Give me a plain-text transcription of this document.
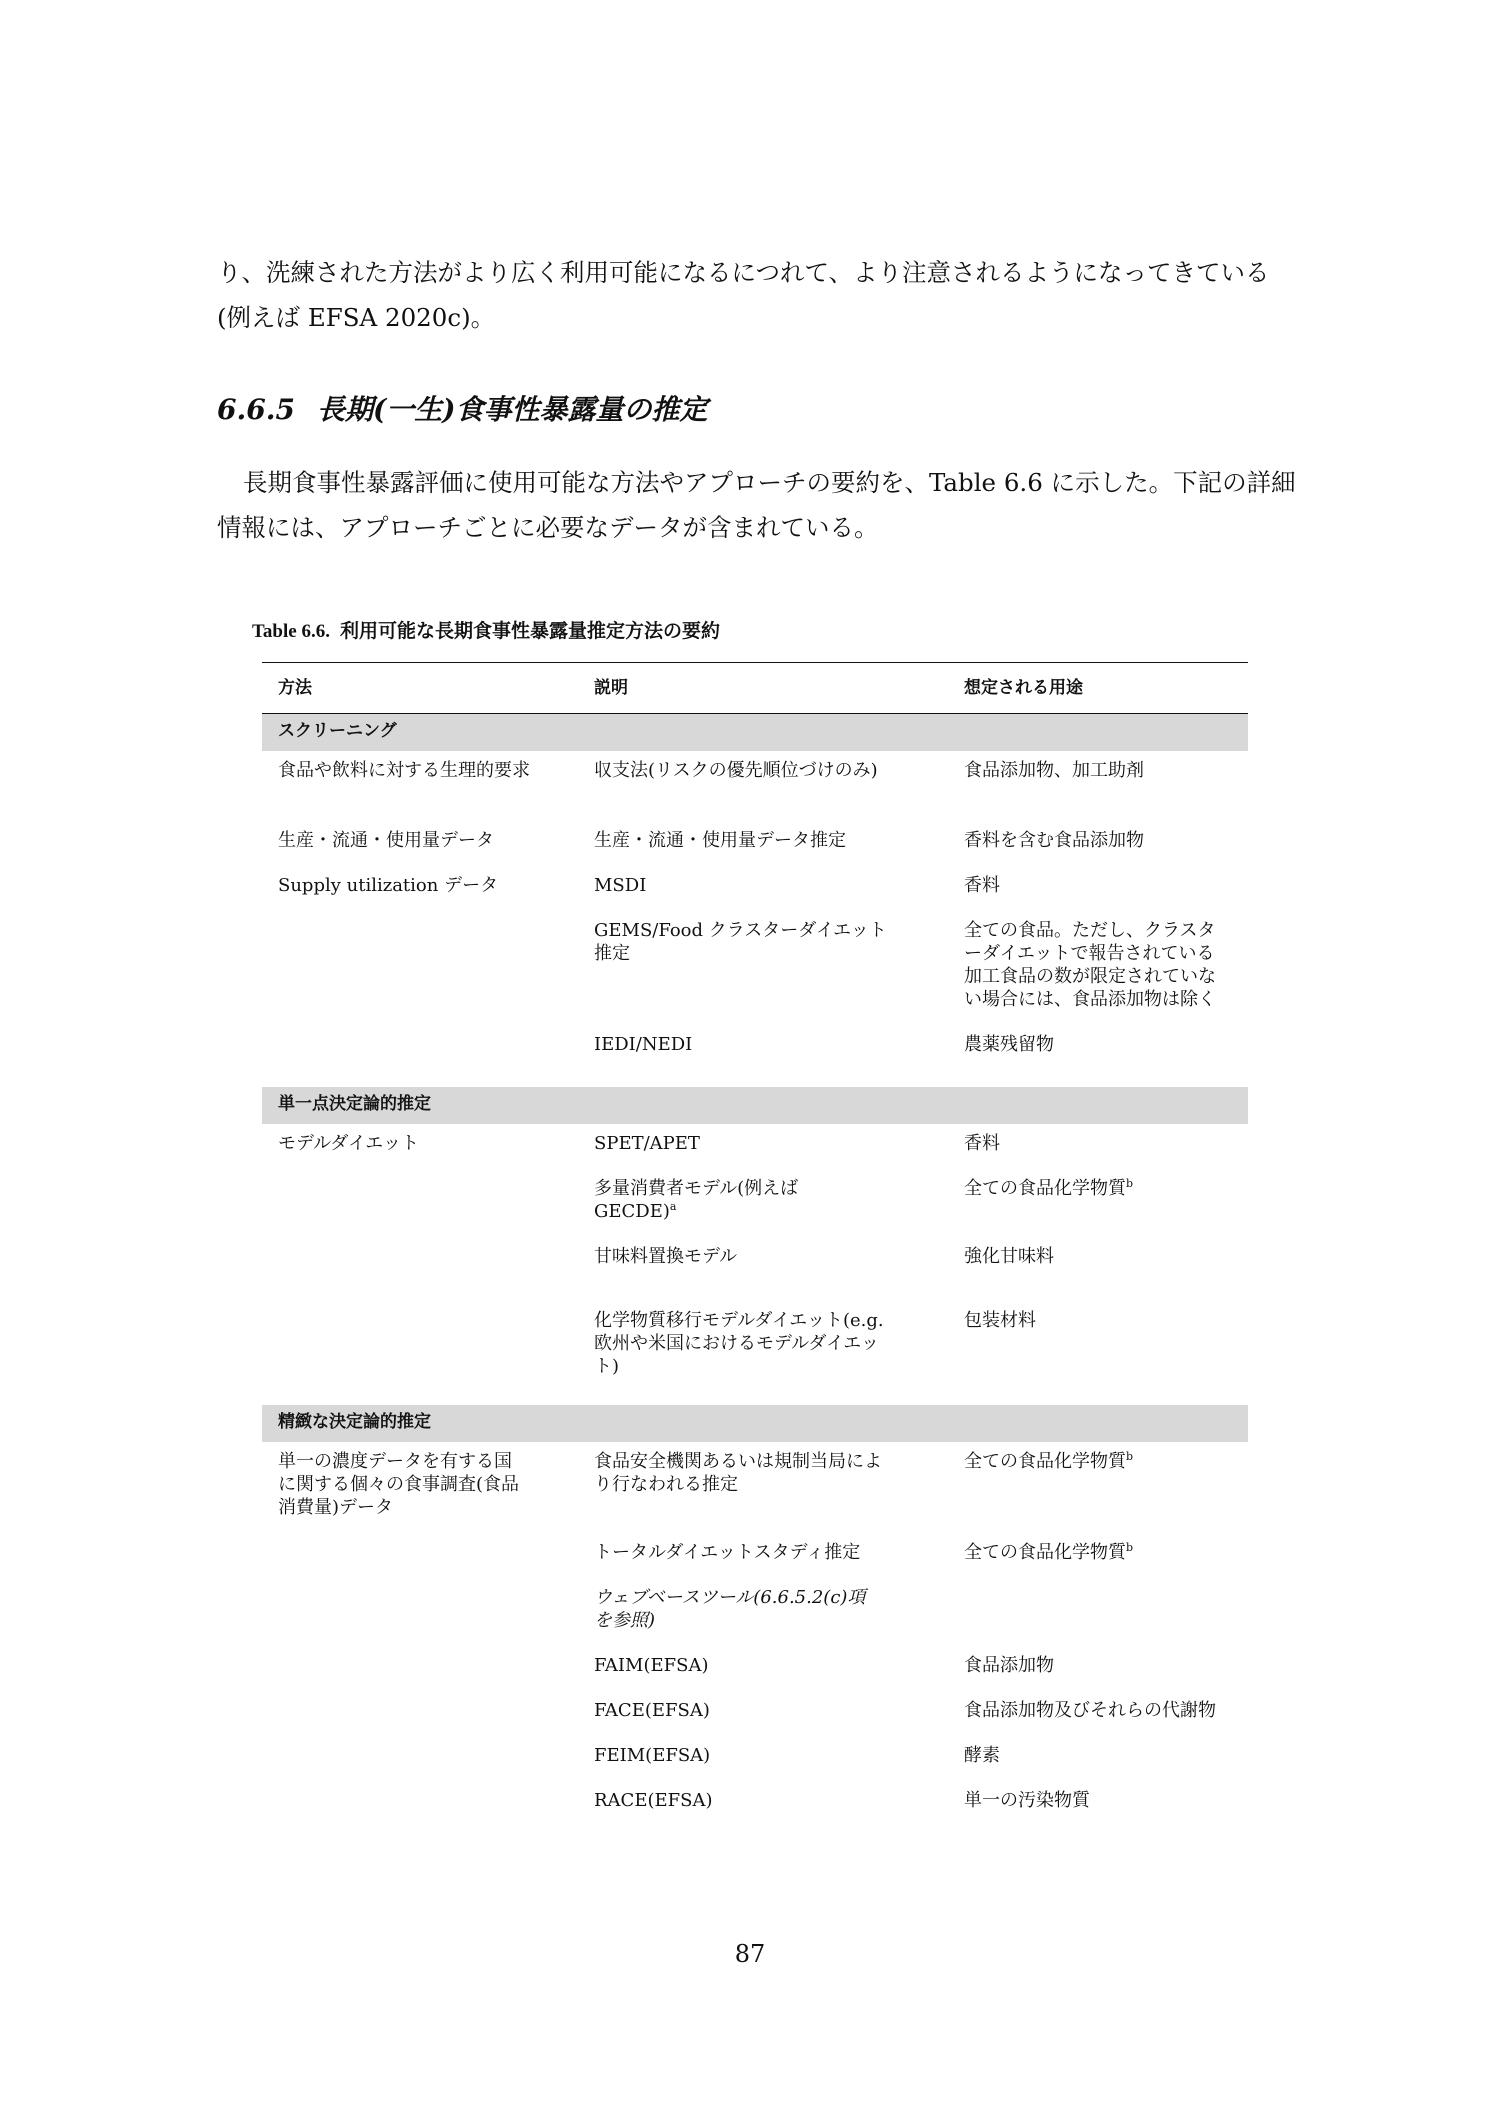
り、洗練された方法がより広く利用可能になるにつれて、より注意されるようになってきている(例えば EFSA 2020c)。
6.6.5 長期(一生)食事性暴露量の推定
長期食事性暴露評価に使用可能な方法やアプローチの要約を、Table 6.6 に示した。下記の詳細情報には、アプローチごとに必要なデータが含まれている。
Table 6.6. 利用可能な長期食事性暴露量推定方法の要約
方法	説明	想定される用途
スクリーニング		
食品や飲料に対する生理的要求	収支法(リスクの優先順位づけのみ)	食品添加物、加工助剤
生産・流通・使用量データ	生産・流通・使用量データ推定	香料を含む食品添加物
Supply utilization データ	MSDI	香料
	GEMS/Food クラスターダイエット推定	全ての食品。ただし、クラスターダイエットで報告されている加工食品の数が限定されていない場合には、食品添加物は除く
	IEDI/NEDI	農薬残留物
単一点決定論的推定		
モデルダイエット	SPET/APET	香料
	多量消費者モデル(例えば GECDE)$^a$	全ての食品化学物質$^b$
	甘味料置換モデル	強化甘味料
	化学物質移行モデルダイエット(e.g.欧州や米国におけるモデルダイエット)	包装材料
精緻な決定論的推定		
単一の濃度データを有する国に関する個々の食事調査(食品消費量)データ	食品安全機関あるいは規制当局により行なわれる推定	全ての食品化学物質$^b$
	トータルダイエットスタディ推定	全ての食品化学物質$^b$
	ウェブベースツール(6.6.5.2(c)項を参照)	
	FAIM(EFSA)	食品添加物
	FACE(EFSA)	食品添加物及びそれらの代謝物
	FEIM(EFSA)	酵素
	RACE(EFSA)	単一の汚染物質
87
